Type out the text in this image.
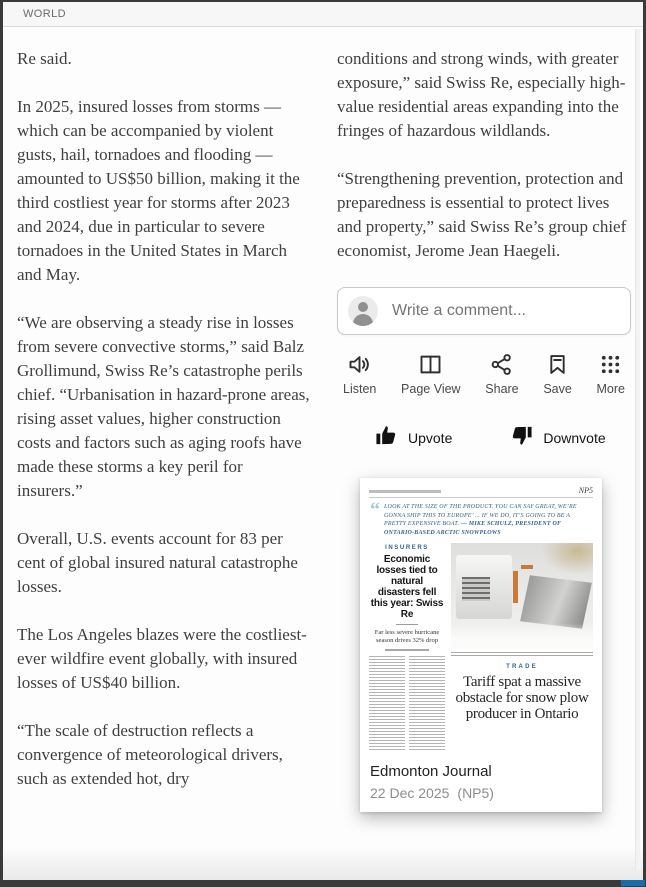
WORLD

Re said.

In 2025, insured losses from storms — which can be accompanied by violent gusts, hail, tornadoes and flooding — amounted to US$50 billion, making it the third costliest year for storms after 2023 and 2024, due in particular to severe tornadoes in the United States in March and May.

“We are observing a steady rise in losses from severe convective storms,” said Balz Grollimund, Swiss Re’s catastrophe perils chief. “Urbanisation in hazard-prone areas, rising asset values, higher construction costs and factors such as aging roofs have made these storms a key peril for insurers.”

Overall, U.S. events account for 83 per cent of global insured natural catastrophe losses.

The Los Angeles blazes were the costliest-ever wildfire event globally, with insured losses of US$40 billion.

“The scale of destruction reflects a convergence of meteorological drivers, such as extended hot, dry

conditions and strong winds, with greater exposure,” said Swiss Re, especially high-value residential areas expanding into the fringes of hazardous wildlands.

“Strengthening prevention, protection and preparedness is essential to protect lives and property,” said Swiss Re’s group chief economist, Jerome Jean Haegeli.

Write a comment...
Listen Page View Share Save More
Upvote	Downvote
NP5
“ LOOK AT THE SIZE OF THE PRODUCT. YOU CAN SAY GREAT, WE’RE GONNA SHIP THIS TO EUROPE’ ... IF WE DO, IT’S GOING TO BE A PRETTY EXPENSIVE BOAT. — MIKE SCHULZ, PRESIDENT OF ONTARIO-BASED ARCTIC SNOWPLOWS
INSURERS
Economic losses tied to natural disasters fell this year: Swiss Re
Far less severe hurricane season drives 32% drop
TRADE
Tariff spat a massive obstacle for snow plow producer in Ontario
Edmonton Journal
22 Dec 2025 (NP5)
